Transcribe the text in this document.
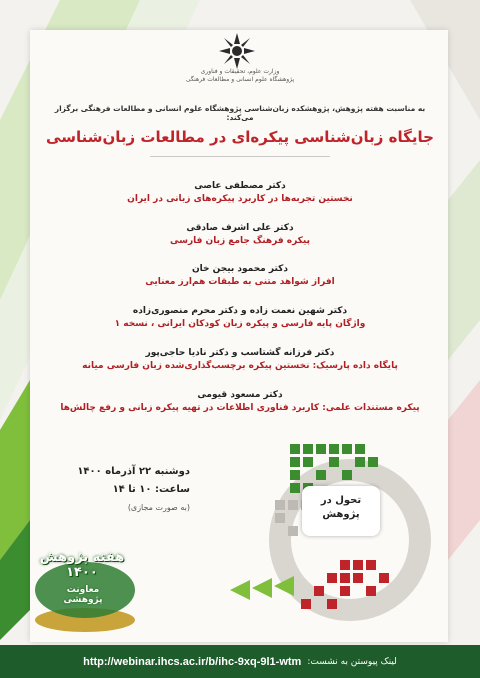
وزارت علوم، تحقیقات و فناوری
پژوهشگاه علوم انسانی و مطالعات فرهنگی
به مناسبت هفته پژوهش، پژوهشکده زبان‌شناسی پژوهشگاه علوم انسانی و مطالعات فرهنگی برگزار می‌کند:
جایگاه زبان‌شناسی پیکره‌ای در مطالعات زبان‌شناسی
دکتر مصطفی عاصی
نخستین تجربه‌ها در کاربرد پیکره‌های زبانی در ایران
دکتر علی اشرف صادقی
پیکره فرهنگ جامع زبان فارسی
دکتر محمود بیجن خان
افراز شواهد متنی به طبقات هم‌ارز معنایی
دکتر شهین نعمت زاده و دکتر محرم منصوری‌زاده
واژگان پایه فارسی و پیکره زبان کودکان ایرانی ، نسخه ۱
دکتر فرزانه گشتاسب و دکتر نادیا حاجی‌پور
پایگاه داده پارسیک: نخستین پیکره برچسب‌گذاری‌شده زبان فارسی میانه
دکتر مسعود قیومی
پیکره مستندات علمی: کاربرد فناوری اطلاعات در تهیه پیکره زبانی و رفع چالش‌ها
دوشنبه ۲۲ آذرماه ۱۴۰۰
ساعت: ۱۰ تا ۱۴
(به صورت مجازی)
تحول در
پژوهش
هفته پژوهش ۱۴۰۰
معاونت پژوهشی
لینک پیوستن به نشست:
http://webinar.ihcs.ac.ir/b/ihc-9xq-9l1-wtm
